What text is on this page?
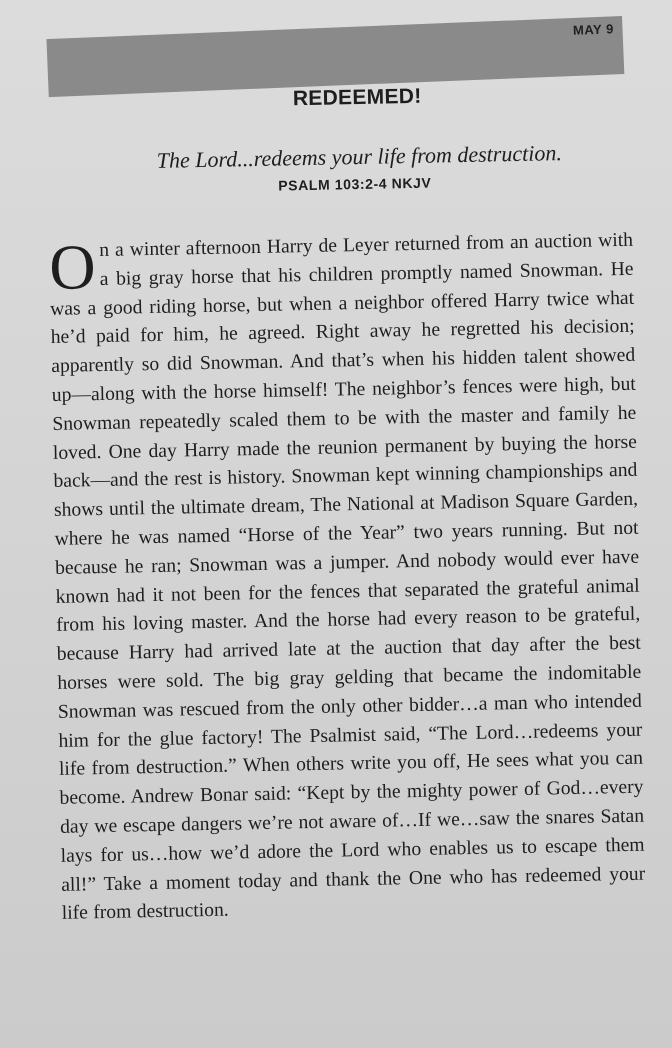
MAY 9
REDEEMED!
The Lord...redeems your life from destruction.
PSALM 103:2-4 NKJV
On a winter afternoon Harry de Leyer returned from an auction with a big gray horse that his children promptly named Snowman. He was a good riding horse, but when a neighbor offered Harry twice what he’d paid for him, he agreed. Right away he regretted his decision; apparently so did Snowman. And that’s when his hidden talent showed up—along with the horse himself! The neighbor’s fences were high, but Snowman repeatedly scaled them to be with the master and family he loved. One day Harry made the reunion permanent by buying the horse back—and the rest is history. Snowman kept winning championships and shows until the ultimate dream, The National at Madison Square Garden, where he was named “Horse of the Year” two years running. But not because he ran; Snowman was a jumper. And nobody would ever have known had it not been for the fences that separated the grateful animal from his loving master. And the horse had every reason to be grateful, because Harry had arrived late at the auction that day after the best horses were sold. The big gray gelding that became the indomitable Snowman was rescued from the only other bidder…a man who intended him for the glue factory! The Psalmist said, “The Lord…redeems your life from destruction.” When others write you off, He sees what you can become. Andrew Bonar said: “Kept by the mighty power of God…every day we escape dangers we’re not aware of…If we…saw the snares Satan lays for us…how we’d adore the Lord who enables us to escape them all!” Take a moment today and thank the One who has redeemed your life from destruction.
